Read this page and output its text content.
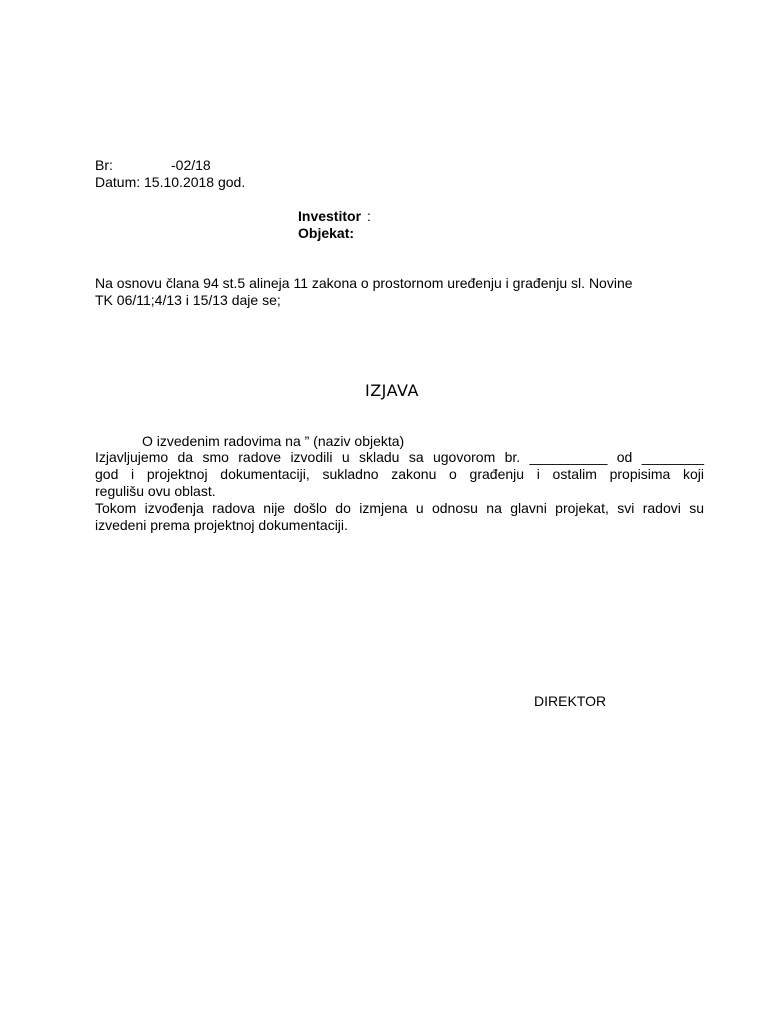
Br:	-02/18
Datum: 15.10.2018 god.
Investitor :
Objekat:
Na osnovu člana 94 st.5 alineja 11 zakona o prostornom uređenju i građenju sl. Novine
TK 06/11;4/13 i 15/13 daje se;
IZJAVA
O izvedenim radovima na ” (naziv objekta)
Izjavljujemo da smo radove izvodili u skladu sa ugovorom br. __________ od ________
god i projektnoj dokumentaciji, sukladno zakonu o građenju i ostalim propisima koji
regulišu ovu oblast.
Tokom izvođenja radova nije došlo do izmjena u odnosu na glavni projekat, svi radovi su
izvedeni prema projektnoj dokumentaciji.
DIREKTOR
